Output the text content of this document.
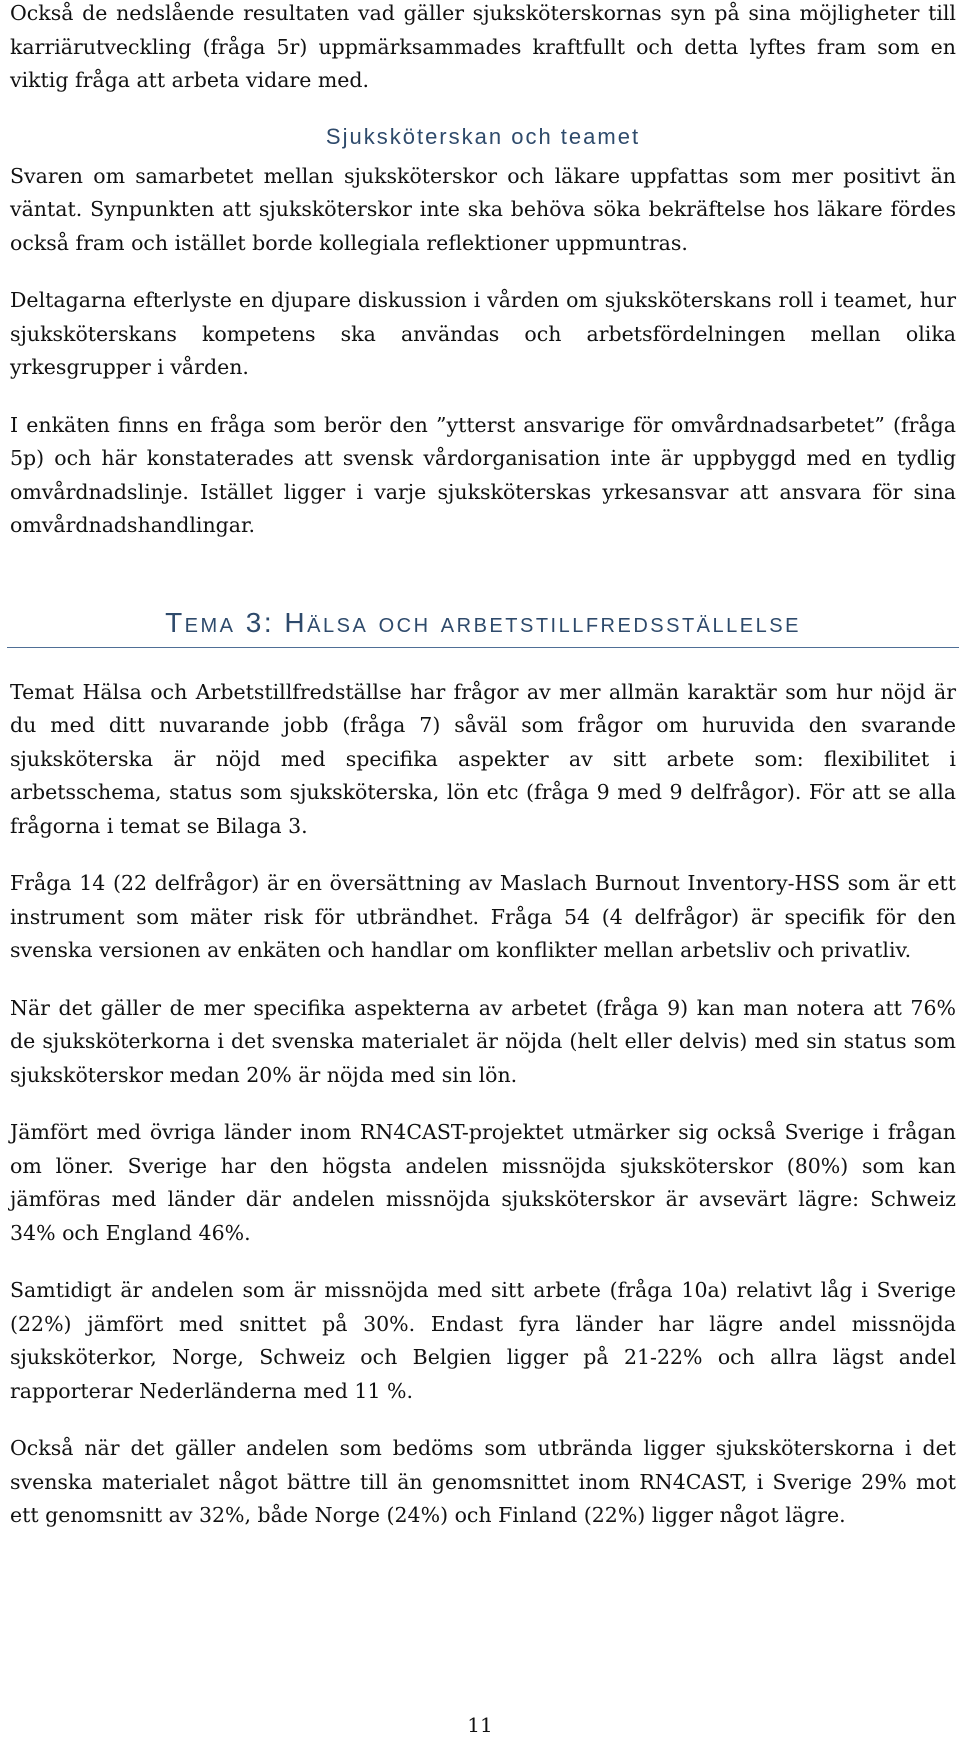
Också de nedslående resultaten vad gäller sjuksköterskornas syn på sina möjligheter till karriärutveckling (fråga 5r) uppmärksammades kraftfullt och detta lyftes fram som en viktig fråga att arbeta vidare med.

Sjuksköterskan och teamet

Svaren om samarbetet mellan sjuksköterskor och läkare uppfattas som mer positivt än väntat. Synpunkten att sjuksköterskor inte ska behöva söka bekräftelse hos läkare fördes också fram och istället borde kollegiala reflektioner uppmuntras.

Deltagarna efterlyste en djupare diskussion i vården om sjuksköterskans roll i teamet, hur sjuksköterskans kompetens ska användas och arbetsfördelningen mellan olika yrkesgrupper i vården.

I enkäten finns en fråga som berör den ”ytterst ansvarige för omvårdnadsarbetet” (fråga 5p) och här konstaterades att svensk vårdorganisation inte är uppbyggd med en tydlig omvårdnadslinje. Istället ligger i varje sjuksköterskas yrkesansvar att ansvara för sina omvårdnadshandlingar.

Tema 3: Hälsa och arbetstillfredsställelse

Temat Hälsa och Arbetstillfredställse har frågor av mer allmän karaktär som hur nöjd är du med ditt nuvarande jobb (fråga 7) såväl som frågor om huruvida den svarande sjuksköterska är nöjd med specifika aspekter av sitt arbete som: flexibilitet i arbetsschema, status som sjuksköterska, lön etc (fråga 9 med 9 delfrågor). För att se alla frågorna i temat se Bilaga 3.

Fråga 14 (22 delfrågor) är en översättning av Maslach Burnout Inventory-HSS som är ett instrument som mäter risk för utbrändhet. Fråga 54 (4 delfrågor) är specifik för den svenska versionen av enkäten och handlar om konflikter mellan arbetsliv och privatliv.

När det gäller de mer specifika aspekterna av arbetet (fråga 9) kan man notera att 76% de sjuksköterkorna i det svenska materialet är nöjda (helt eller delvis) med sin status som sjuksköterskor medan 20% är nöjda med sin lön.

Jämfört med övriga länder inom RN4CAST-projektet utmärker sig också Sverige i frågan om löner. Sverige har den högsta andelen missnöjda sjuksköterskor (80%) som kan jämföras med länder där andelen missnöjda sjuksköterskor är avsevärt lägre: Schweiz 34% och England 46%.

Samtidigt är andelen som är missnöjda med sitt arbete (fråga 10a) relativt låg i Sverige (22%) jämfört med snittet på 30%. Endast fyra länder har lägre andel missnöjda sjuksköterkor, Norge, Schweiz och Belgien ligger på 21-22% och allra lägst andel rapporterar Nederländerna med 11 %.

Också när det gäller andelen som bedöms som utbrända ligger sjuksköterskorna i det svenska materialet något bättre till än genomsnittet inom RN4CAST, i Sverige 29% mot ett genomsnitt av 32%, både Norge (24%) och Finland (22%) ligger något lägre.

11
